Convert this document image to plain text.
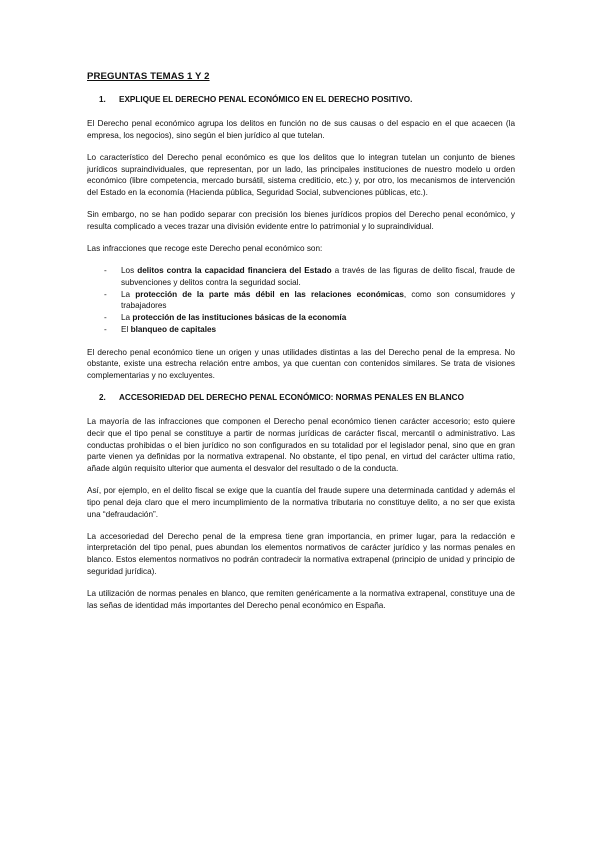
PREGUNTAS TEMAS 1 Y 2
1. EXPLIQUE EL DERECHO PENAL ECONÓMICO EN EL DERECHO POSITIVO.

El Derecho penal económico agrupa los delitos en función no de sus causas o del espacio en el que acaecen (la empresa, los negocios), sino según el bien jurídico al que tutelan.

Lo característico del Derecho penal económico es que los delitos que lo integran tutelan un conjunto de bienes jurídicos supraindividuales, que representan, por un lado, las principales instituciones de nuestro modelo u orden económico (libre competencia, mercado bursátil, sistema crediticio, etc.) y, por otro, los mecanismos de intervención del Estado en la economía (Hacienda pública, Seguridad Social, subvenciones públicas, etc.).

Sin embargo, no se han podido separar con precisión los bienes jurídicos propios del Derecho penal económico, y resulta complicado a veces trazar una división evidente entre lo patrimonial y lo supraindividual.

Las infracciones que recoge este Derecho penal económico son:

- Los delitos contra la capacidad financiera del Estado a través de las figuras de delito fiscal, fraude de subvenciones y delitos contra la seguridad social.
- La protección de la parte más débil en las relaciones económicas, como son consumidores y trabajadores
- La protección de las instituciones básicas de la economía
- El blanqueo de capitales

El derecho penal económico tiene un origen y unas utilidades distintas a las del Derecho penal de la empresa. No obstante, existe una estrecha relación entre ambos, ya que cuentan con contenidos similares. Se trata de visiones complementarias y no excluyentes.

2. ACCESORIEDAD DEL DERECHO PENAL ECONÓMICO: NORMAS PENALES EN BLANCO

La mayoría de las infracciones que componen el Derecho penal económico tienen carácter accesorio; esto quiere decir que el tipo penal se constituye a partir de normas jurídicas de carácter fiscal, mercantil o administrativo. Las conductas prohibidas o el bien jurídico no son configurados en su totalidad por el legislador penal, sino que en gran parte vienen ya definidas por la normativa extrapenal. No obstante, el tipo penal, en virtud del carácter ultima ratio, añade algún requisito ulterior que aumenta el desvalor del resultado o de la conducta.

Así, por ejemplo, en el delito fiscal se exige que la cuantía del fraude supere una determinada cantidad y además el tipo penal deja claro que el mero incumplimiento de la normativa tributaria no constituye delito, a no ser que exista una “defraudación”.

La accesoriedad del Derecho penal de la empresa tiene gran importancia, en primer lugar, para la redacción e interpretación del tipo penal, pues abundan los elementos normativos de carácter jurídico y las normas penales en blanco. Estos elementos normativos no podrán contradecir la normativa extrapenal (principio de unidad y principio de seguridad jurídica).

La utilización de normas penales en blanco, que remiten genéricamente a la normativa extrapenal, constituye una de las señas de identidad más importantes del Derecho penal económico en España.
